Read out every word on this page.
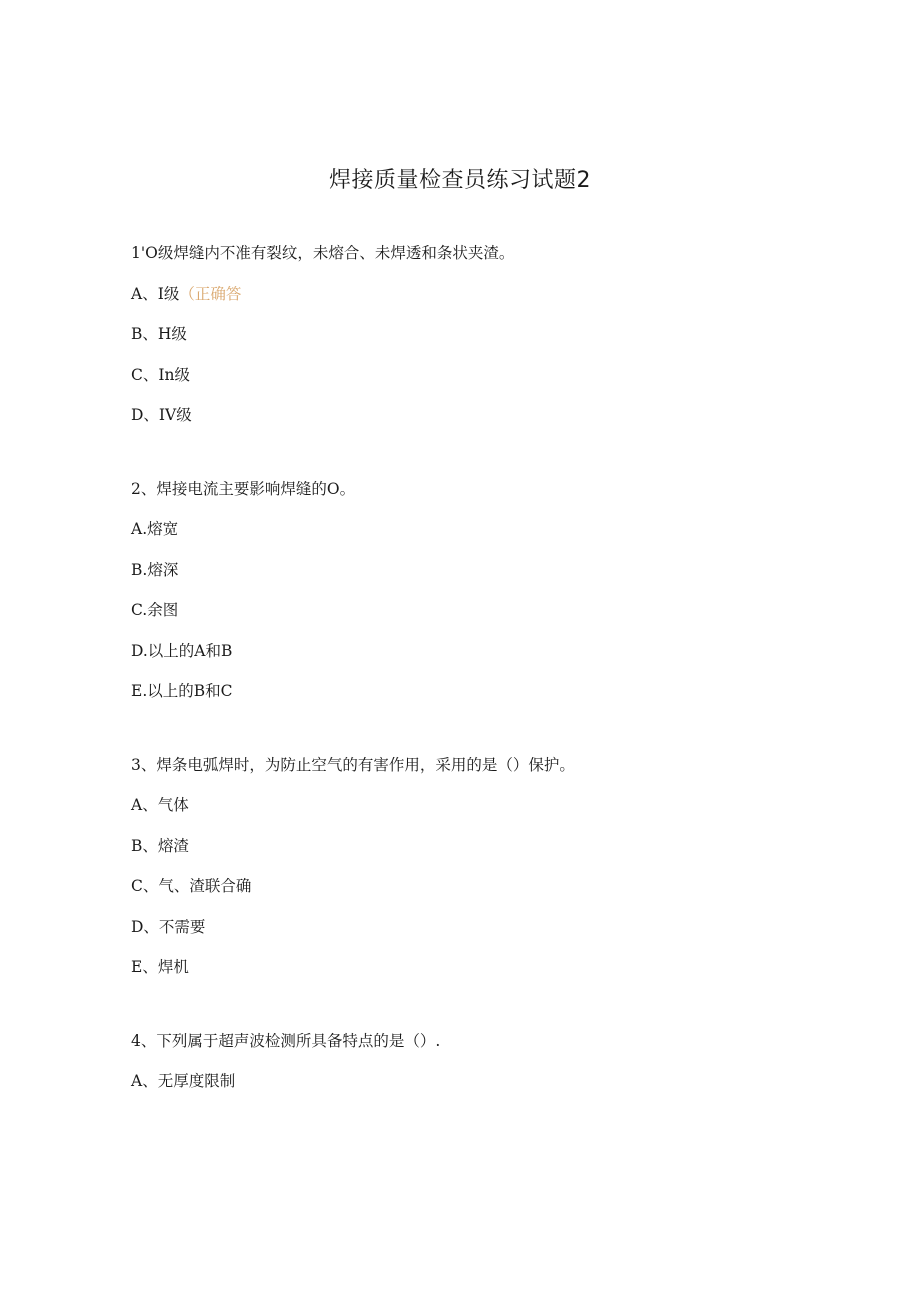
焊接质量检查员练习试题2
1'O级焊缝内不准有裂纹，未熔合、未焊透和条状夹渣。
A、I级（正确答
B、H级
C、In级
D、IV级
2、焊接电流主要影响焊缝的O。
A.熔宽
B.熔深
C.余图
D.以上的A和B
E.以上的B和C
3、焊条电弧焊时，为防止空气的有害作用，采用的是（）保护。
A、气体
B、熔渣
C、气、渣联合确
D、不需要
E、焊机
4、下列属于超声波检测所具备特点的是（）.
A、无厚度限制
